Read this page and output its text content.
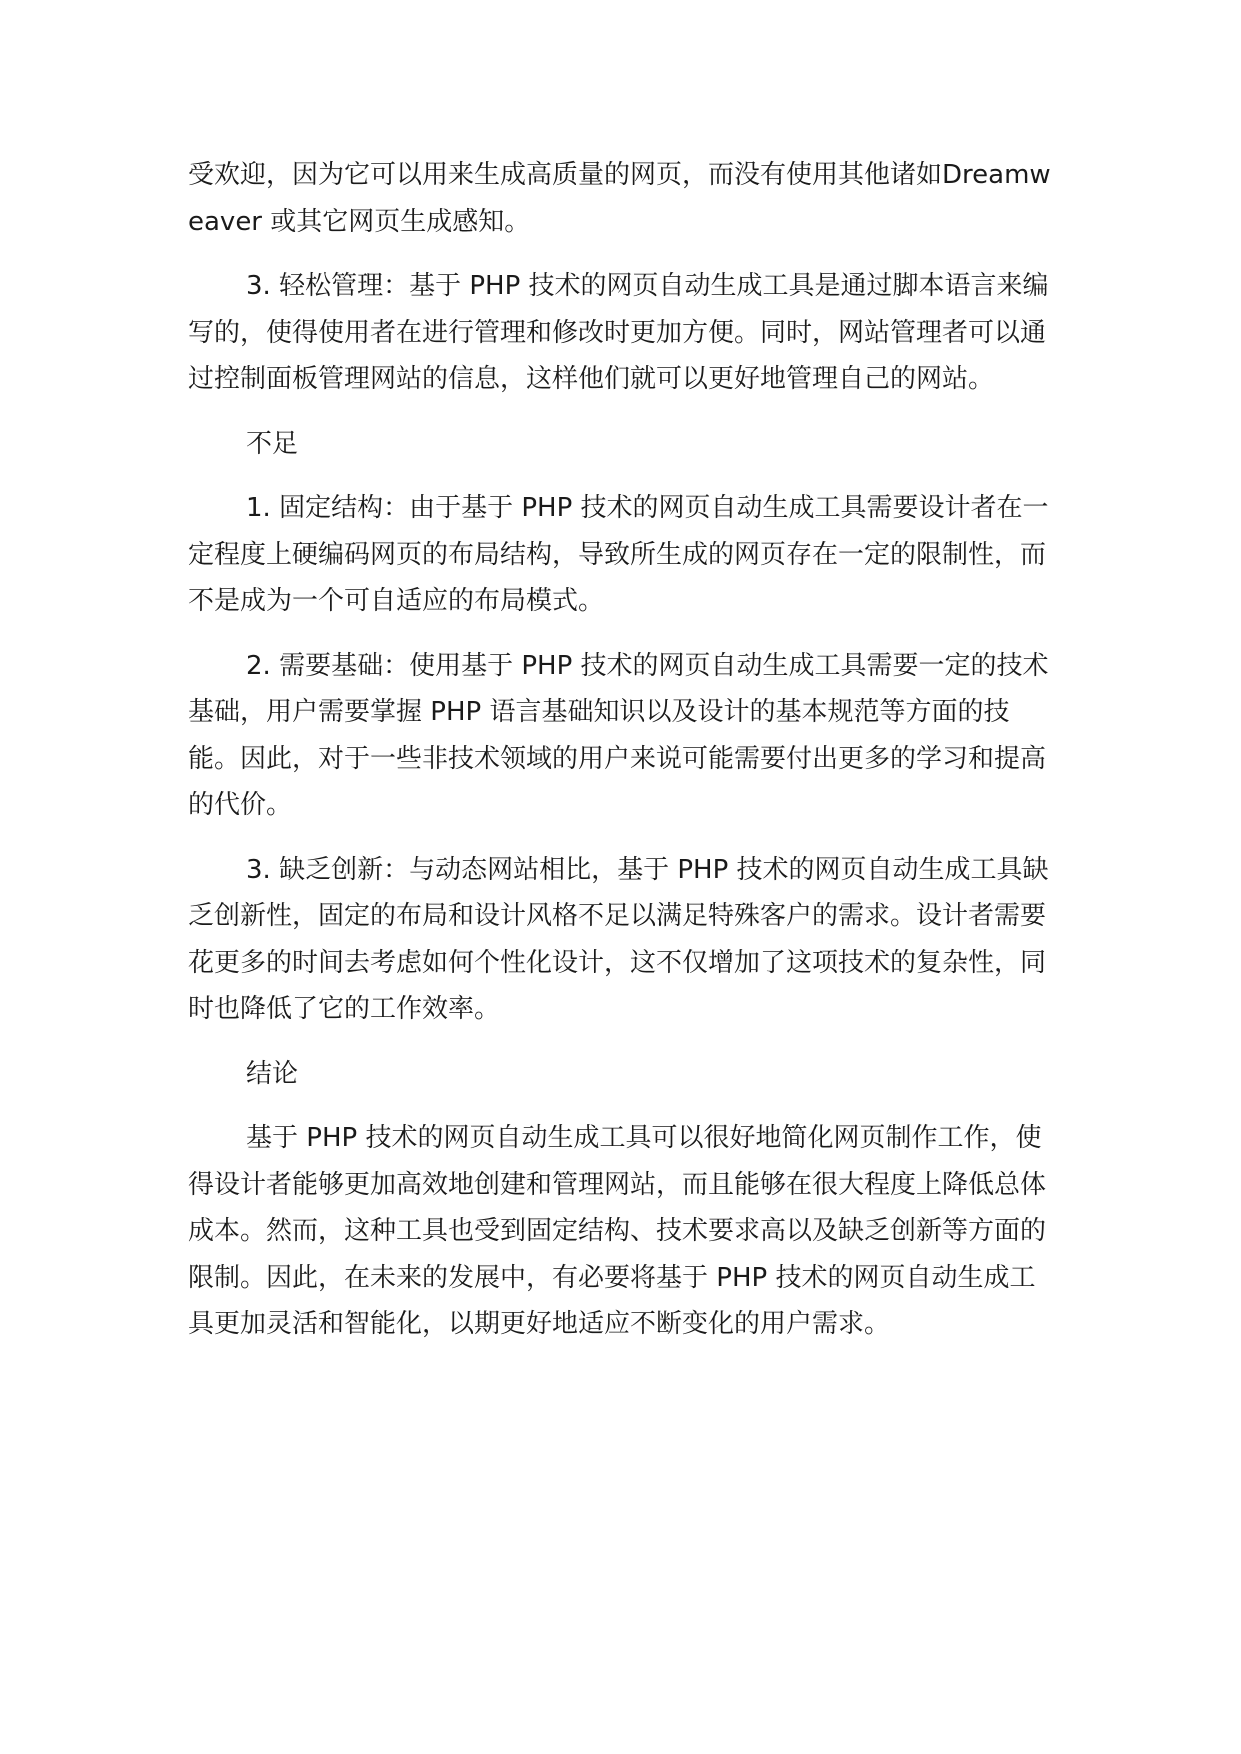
受欢迎，因为它可以用来生成高质量的网页，而没有使用其他诸如Dreamweaver 或其它网页生成感知。

3. 轻松管理：基于 PHP 技术的网页自动生成工具是通过脚本语言来编写的，使得使用者在进行管理和修改时更加方便。同时，网站管理者可以通过控制面板管理网站的信息，这样他们就可以更好地管理自己的网站。

不足

1. 固定结构：由于基于 PHP 技术的网页自动生成工具需要设计者在一定程度上硬编码网页的布局结构，导致所生成的网页存在一定的限制性，而不是成为一个可自适应的布局模式。

2. 需要基础：使用基于 PHP 技术的网页自动生成工具需要一定的技术基础，用户需要掌握 PHP 语言基础知识以及设计的基本规范等方面的技能。因此，对于一些非技术领域的用户来说可能需要付出更多的学习和提高的代价。

3. 缺乏创新：与动态网站相比，基于 PHP 技术的网页自动生成工具缺乏创新性，固定的布局和设计风格不足以满足特殊客户的需求。设计者需要花更多的时间去考虑如何个性化设计，这不仅增加了这项技术的复杂性，同时也降低了它的工作效率。

结论

基于 PHP 技术的网页自动生成工具可以很好地简化网页制作工作，使得设计者能够更加高效地创建和管理网站，而且能够在很大程度上降低总体成本。然而，这种工具也受到固定结构、技术要求高以及缺乏创新等方面的限制。因此，在未来的发展中，有必要将基于 PHP 技术的网页自动生成工具更加灵活和智能化，以期更好地适应不断变化的用户需求。
